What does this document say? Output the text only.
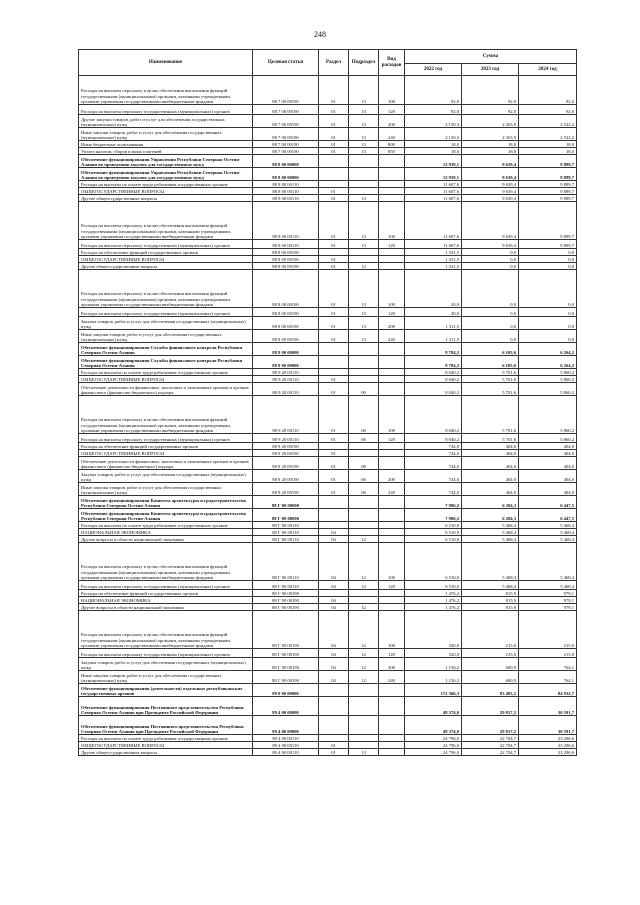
248
Наименование	Целевая статья	Раздел	Подраздел	Вид расходов	Сумма		
					2022 год	2023 год	2024 год
Расходы на выплаты персоналу в целях обеспечения выполнения функций государственными (муниципальными) органами, казенными учреждениями, органами управления государственными внебюджетными фондами	88 7 00 00190	01	13	100	92,0	92,0	92,0
Расходы на выплаты персоналу государственных (муниципальных) органов	88 7 00 00190	01	13	120	92,0	92,0	92,0
Другие закупки товаров, работ и услуг для обеспечения государственных (муниципальных) нужд	88 7 00 00190	01	13	200	2 150,3	2 453,9	2 522,2
Иные закупки товаров, работ и услуг для обеспечения государственных (муниципальных) нужд	88 7 00 00190	01	13	240	2 150,3	2 453,9	2 522,2
Иные бюджетные ассигнования	88 7 00 00190	01	13	800	18,0	18,0	18,0
Уплата налогов, сборов и иных платежей	88 7 00 00190	01	13	850	18,0	18,0	18,0
Обеспечение функционирования Управления Республики Северная Осетия-Алания по проведению закупок для государственных нужд	88 8 00 00000				12 939,1	9 639,4	9 889,7
Обеспечение функционирования Управления Республики Северная Осетия-Алания по проведению закупок для государственных нужд	88 8 00 00000				12 939,1	9 639,4	9 889,7
Расходы на выплаты по оплате труда работников государственных органов	88 8 00 00110				11 607,6	9 639,4	9 889,7
ОБЩЕГОСУДАРСТВЕННЫЕ ВОПРОСЫ	88 8 00 00110	01			11 607,6	9 639,4	9 889,7
Другие общегосударственные вопросы	88 8 00 00110	01	13		11 607,6	9 639,4	9 889,7
Расходы на выплаты персоналу в целях обеспечения выполнения функций государственными (муниципальными) органами, казенными учреждениями, органами управления государственными внебюджетными фондами	88 8 00 00110	01	13	100	11 607,6	9 639,4	9 889,7
Расходы на выплаты персоналу государственных (муниципальных) органов	88 8 00 00110	01	13	120	11 607,6	9 639,4	9 889,7
Расходы на обеспечение функций государственных органов	88 8 00 00190				1 331,5	0,0	0,0
ОБЩЕГОСУДАРСТВЕННЫЕ ВОПРОСЫ	88 8 00 00190	01			1 331,5	0,0	0,0
Другие общегосударственные вопросы	88 8 00 00190	01	13		1 331,5	0,0	0,0
Расходы на выплаты персоналу в целях обеспечения выполнения функций государственными (муниципальными) органами, казенными учреждениями, органами управления государственными внебюджетными фондами	88 8 00 00190	01	13	100	20,0	0,0	0,0
Расходы на выплаты персоналу государственных (муниципальных) органов	88 8 00 00190	01	13	120	20,0	0,0	0,0
Закупка товаров, работ и услуг для обеспечения государственных (муниципальных) нужд	88 8 00 00190	01	13	200	1 311,5	0,0	0,0
Иные закупки товаров, работ и услуг для обеспечения государственных (муниципальных) нужд	88 8 00 00190	01	13	240	1 311,5	0,0	0,0
Обеспечение функционирования Службы финансового контроля Республики Северная Осетия-Алания	88 9 00 00000				8 784,2	6 105,6	6 264,2
Обеспечение функционирования Службы финансового контроля Республики Северная Осетия-Алания	88 9 00 00000				8 784,2	6 105,6	6 264,2
Расходы на выплаты по оплате труда работников государственных органов	88 9 20 00110				8 040,2	5 701,6	5 860,2
ОБЩЕГОСУДАРСТВЕННЫЕ ВОПРОСЫ	88 9 20 00110	01			8 040,2	5 701,6	5 860,2
Обеспечение деятельности финансовых, налоговых и таможенных органов и органов финансового (финансово-бюджетного) надзора	88 9 20 00110	01	06		8 040,2	5 701,6	5 860,2
Расходы на выплаты персоналу в целях обеспечения выполнения функций государственными (муниципальными) органами, казенными учреждениями, органами управления государственными внебюджетными фондами	88 9 20 00110	01	06	100	8 040,2	5 701,6	5 860,2
Расходы на выплаты персоналу государственных (муниципальных) органов	88 9 20 00110	01	06	120	8 040,2	5 701,6	5 860,2
Расходы на обеспечение функций государственных органов	88 9 20 00190				744,0	404,0	404,0
ОБЩЕГОСУДАРСТВЕННЫЕ ВОПРОСЫ	88 9 20 00190	01			744,0	404,0	404,0
Обеспечение деятельности финансовых, налоговых и таможенных органов и органов финансового (финансово-бюджетного) надзора	88 9 20 00190	01	06		744,0	404,0	404,0
Закупка товаров, работ и услуг для обеспечения государственных (муниципальных) нужд	88 9 20 00190	01	06	200	744,0	404,0	404,0
Иные закупки товаров, работ и услуг для обеспечения государственных (муниципальных) нужд	88 9 20 00190	01	06	240	744,0	404,0	404,0
Обеспечение функционирования Комитета архитектуры и градостроительства Республики Северная Осетия-Алания	88 Г 00 00000				7 986,2	6 284,3	6 447,5
Обеспечение функционирования Комитета архитектуры и градостроительства Республики Северная Осетия-Алания	88 Г 00 00000				7 986,2	6 284,3	6 447,5
Расходы на выплаты по оплате труда работников государственных органов	88 Г 00 00110				6 510,0	5 468,4	5 468,4
НАЦИОНАЛЬНАЯ ЭКОНОМИКА	88 Г 00 00110	04			6 510,0	5 468,4	5 468,4
Другие вопросы в области национальной экономики	88 Г 00 00110	04	12		6 510,0	5 468,4	5 468,4
Расходы на выплаты персоналу в целях обеспечения выполнения функций государственными (муниципальными) органами, казенными учреждениями, органами управления государственными внебюджетными фондами	88 Г 00 00110	04	12	100	6 510,0	5 468,4	5 468,4
Расходы на выплаты персоналу государственных (муниципальных) органов	88 Г 00 00110	04	12	120	6 510,0	5 468,4	5 468,4
Расходы на обеспечение функций государственных органов	88 Г 00 00190				1 476,2	815,9	979,1
НАЦИОНАЛЬНАЯ ЭКОНОМИКА	88 Г 00 00190	04			1 476,2	815,9	979,1
Другие вопросы в области национальной экономики	88 Г 00 00190	04	12		1 476,2	815,9	979,1
Расходы на выплаты персоналу в целях обеспечения выполнения функций государственными (муниципальными) органами, казенными учреждениями, органами управления государственными внебюджетными фондами	88 Г 00 00190	04	12	100	320,0	215,0	215,0
Расходы на выплаты персоналу государственных (муниципальных) органов	88 Г 00 00190	04	12	120	320,0	215,0	215,0
Закупка товаров, работ и услуг для обеспечения государственных (муниципальных) нужд	88 Г 00 00190	04	12	200	1 156,2	600,9	764,1
Иные закупки товаров, работ и услуг для обеспечения государственных (муниципальных) нужд	88 Г 00 00190	04	12	240	1 156,2	600,9	764,1
Обеспечение функционирования (деятельности) отдельных республиканских государственных органов	89 0 00 00000				172 366,3	83 483,2	84 932,7
Обеспечение функционирования Постоянного представительства Республики Северная Осетия-Алания при Президенте Российской Федерации	89 4 00 00000				48 374,0	29 817,2	30 591,7
Обеспечение функционирования Постоянного представительства Республики Северная Осетия-Алания при Президенте Российской Федерации	89 4 00 00000				48 374,0	29 817,2	30 591,7
Расходы на выплаты по оплате труда работников государственных органов	89 4 00 00110				24 796,0	22 704,7	23 296,6
ОБЩЕГОСУДАРСТВЕННЫЕ ВОПРОСЫ	89 4 00 00110	01			24 796,0	22 704,7	23 296,6
Другие общегосударственные вопросы	89 4 00 00110	01	13		24 796,0	22 704,7	23 296,6
